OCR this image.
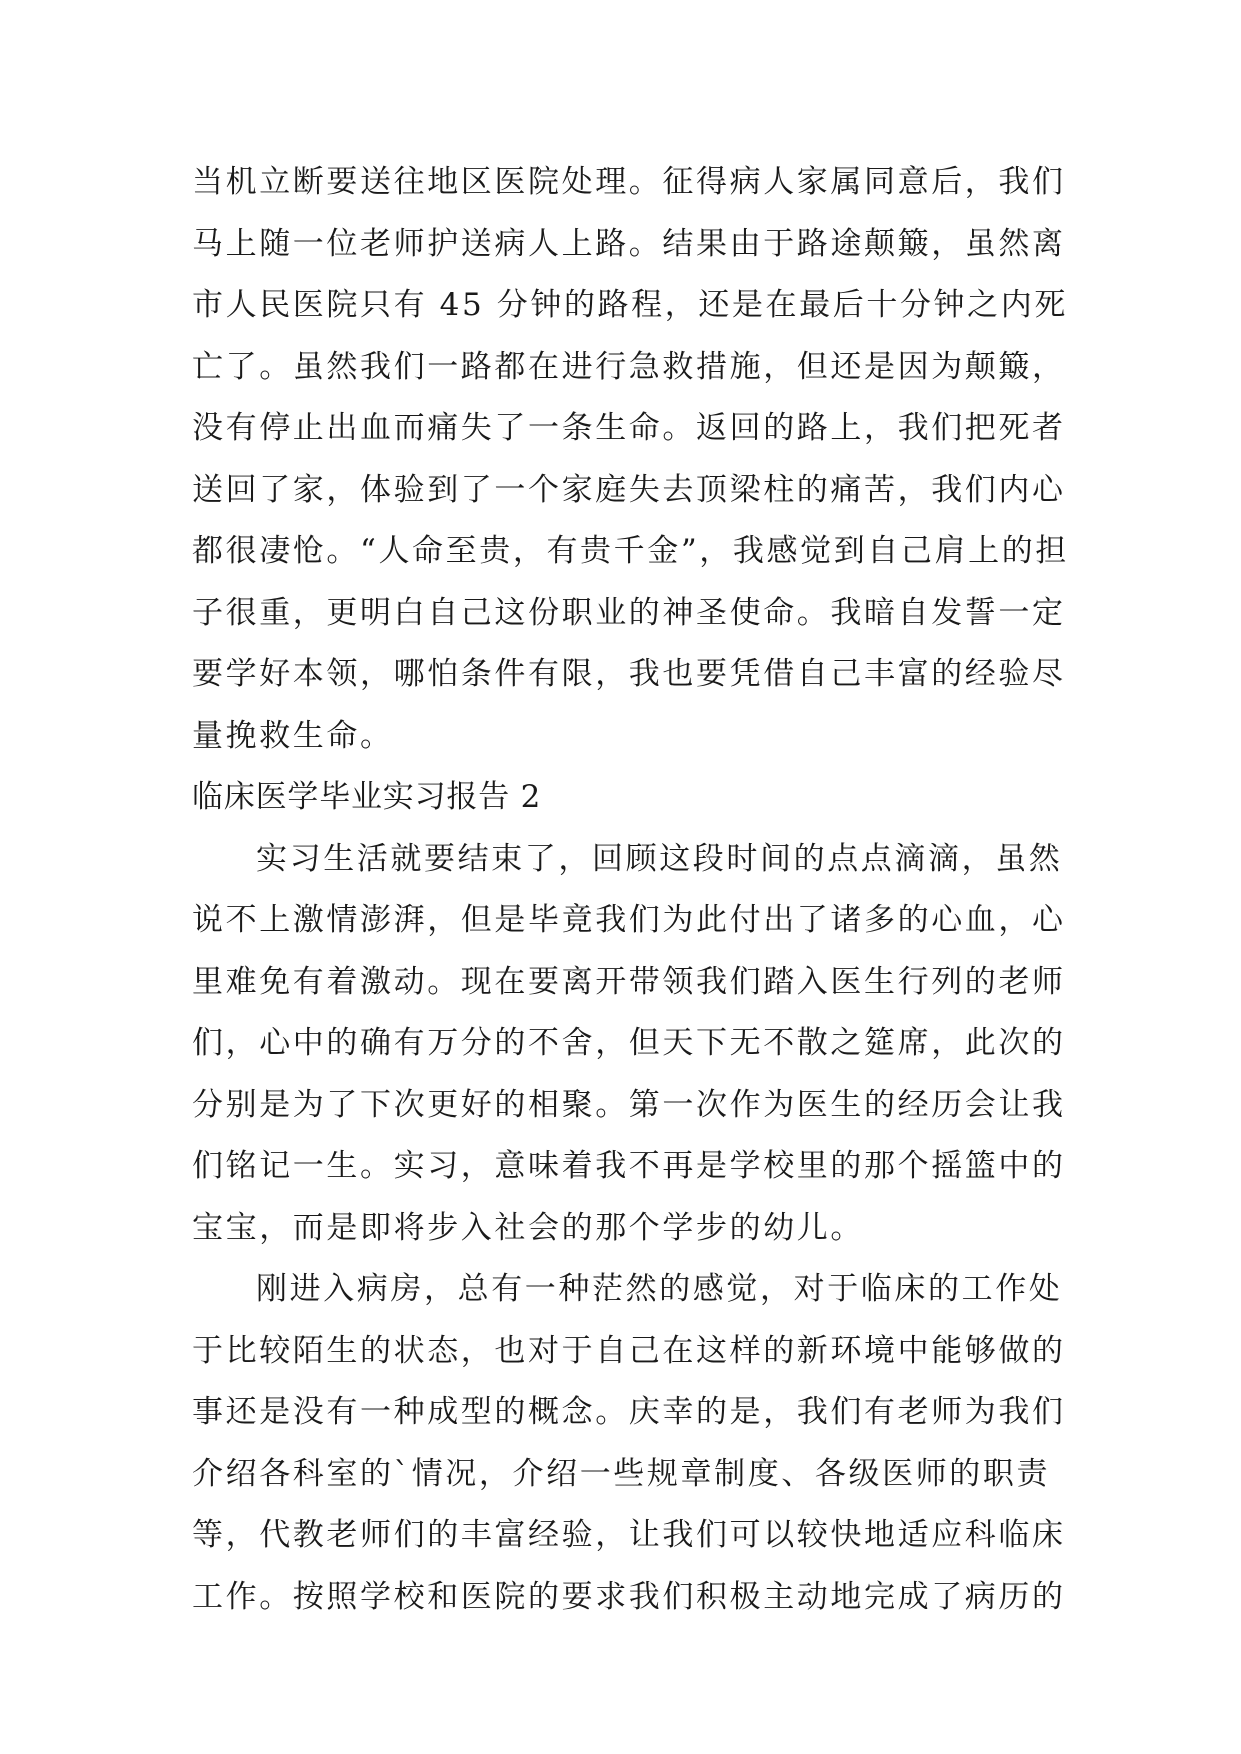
当机立断要送往地区医院处理。征得病人家属同意后，我们
马上随一位老师护送病人上路。结果由于路途颠簸，虽然离
市人民医院只有 45 分钟的路程，还是在最后十分钟之内死
亡了。虽然我们一路都在进行急救措施，但还是因为颠簸，
没有停止出血而痛失了一条生命。返回的路上，我们把死者
送回了家，体验到了一个家庭失去顶梁柱的痛苦，我们内心
都很凄怆。“人命至贵，有贵千金”，我感觉到自己肩上的担
子很重，更明白自己这份职业的神圣使命。我暗自发誓一定
要学好本领，哪怕条件有限，我也要凭借自己丰富的经验尽
量挽救生命。
临床医学毕业实习报告 2
实习生活就要结束了，回顾这段时间的点点滴滴，虽然
说不上激情澎湃，但是毕竟我们为此付出了诸多的心血，心
里难免有着激动。现在要离开带领我们踏入医生行列的老师
们，心中的确有万分的不舍，但天下无不散之筵席，此次的
分别是为了下次更好的相聚。第一次作为医生的经历会让我
们铭记一生。实习，意味着我不再是学校里的那个摇篮中的
宝宝，而是即将步入社会的那个学步的幼儿。
刚进入病房，总有一种茫然的感觉，对于临床的工作处
于比较陌生的状态，也对于自己在这样的新环境中能够做的
事还是没有一种成型的概念。庆幸的是，我们有老师为我们
介绍各科室的`情况，介绍一些规章制度、各级医师的职责
等，代教老师们的丰富经验，让我们可以较快地适应科临床
工作。按照学校和医院的要求我们积极主动地完成了病历的
